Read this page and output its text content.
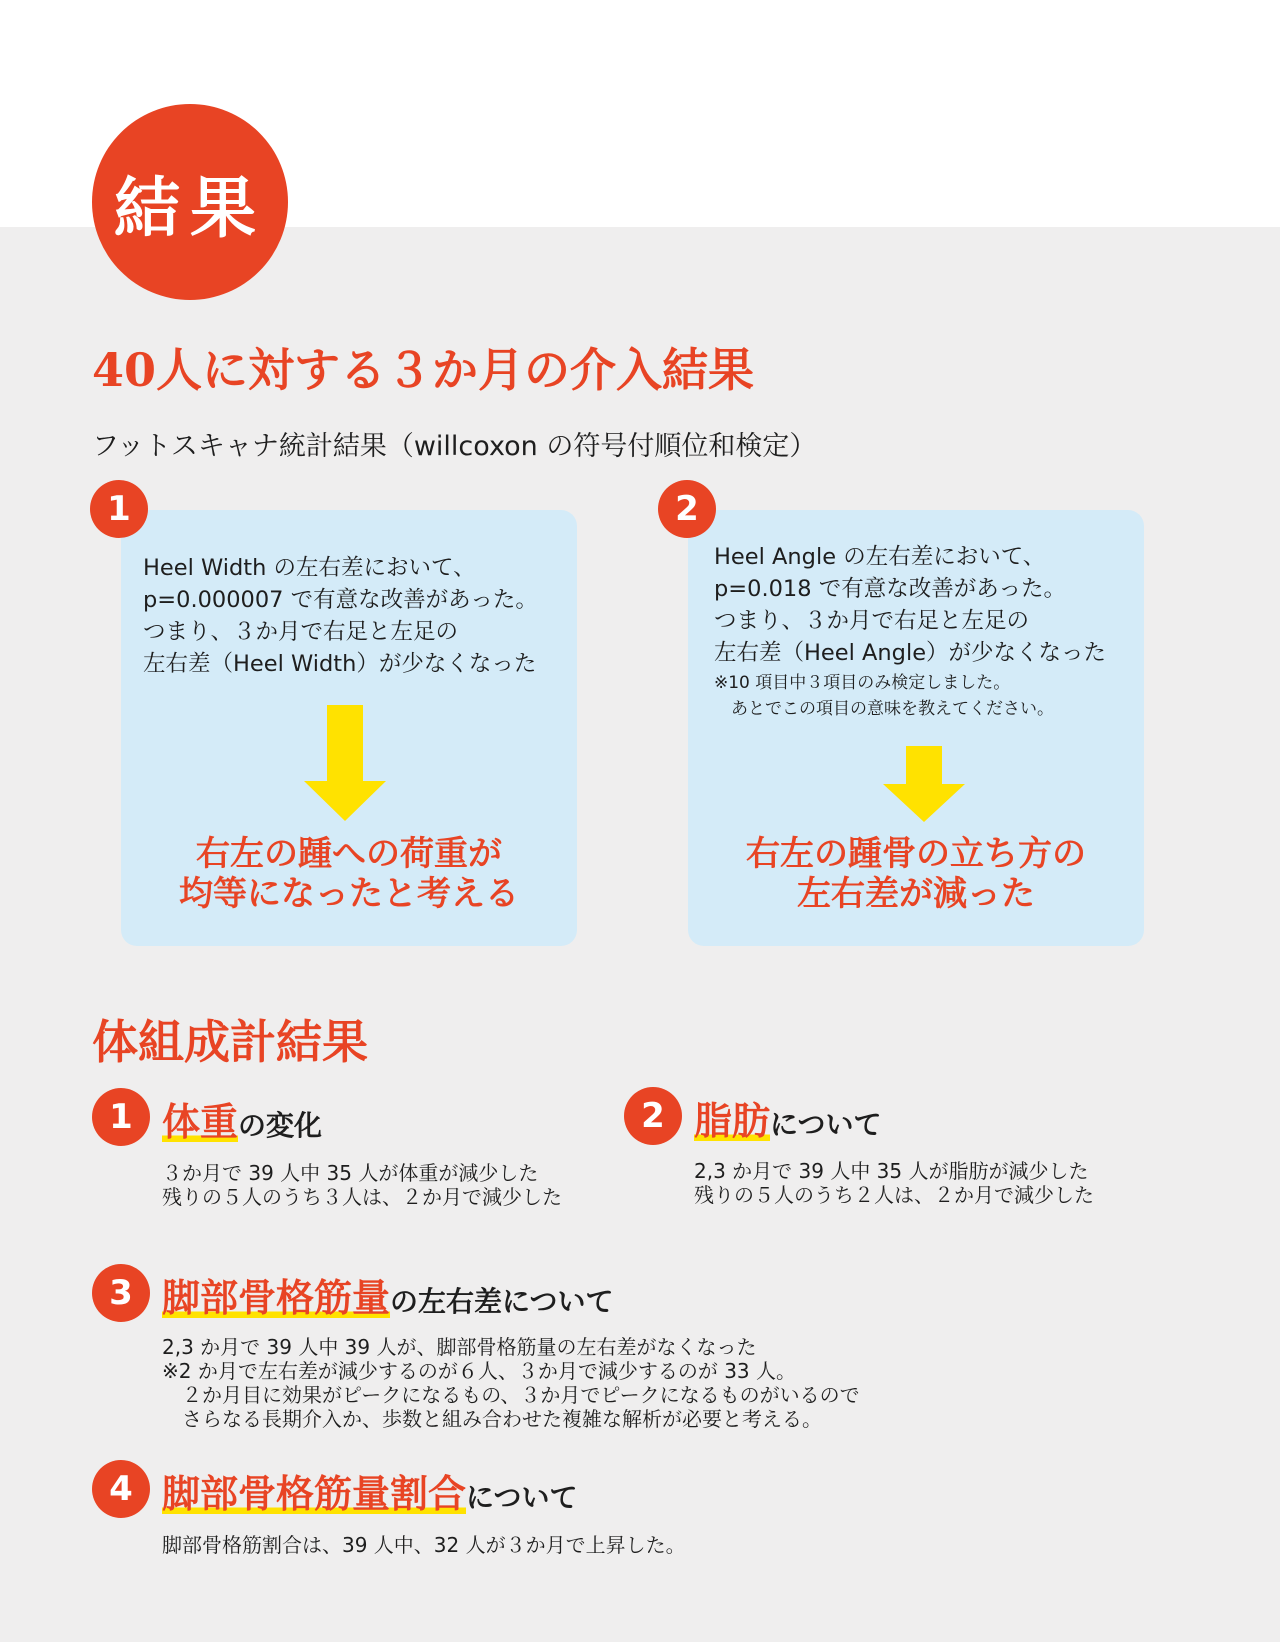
結果
40人に対する３か月の介入結果

フットスキャナ統計結果（willcoxon の符号付順位和検定）

1
Heel Width の左右差において、
p=0.000007 で有意な改善があった。
つまり、３か月で右足と左足の
左右差（Heel Width）が少なくなった
右左の踵への荷重が
均等になったと考える
2
Heel Angle の左右差において、
p=0.018 で有意な改善があった。
つまり、３か月で右足と左足の
左右差（Heel Angle）が少なくなった
※10 項目中３項目のみ検定しました。
　あとでこの項目の意味を教えてください。
右左の踵骨の立ち方の
左右差が減った
体組成計結果
1 体重 の変化
３か月で 39 人中 35 人が体重が減少した
残りの５人のうち３人は、２か月で減少した
2 脂肪 について
2,3 か月で 39 人中 35 人が脂肪が減少した
残りの５人のうち２人は、２か月で減少した
3 脚部骨格筋量 の左右差について
2,3 か月で 39 人中 39 人が、脚部骨格筋量の左右差がなくなった
※2 か月で左右差が減少するのが６人、３か月で減少するのが 33 人。
　２か月目に効果がピークになるもの、３か月でピークになるものがいるので
　さらなる長期介入か、歩数と組み合わせた複雑な解析が必要と考える。
4 脚部骨格筋量割合 について
脚部骨格筋割合は、39 人中、32 人が３か月で上昇した。
